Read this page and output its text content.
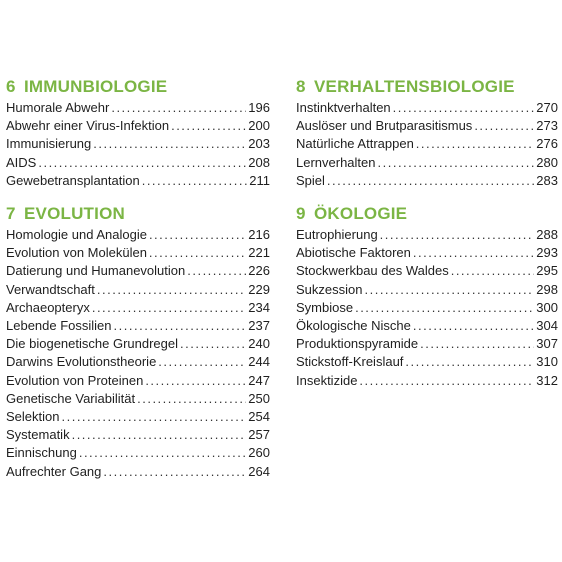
6 IMMUNBIOLOGIE
Humorale Abwehr .....	196
Abwehr einer Virus-Infektion .....	200
Immunisierung .....	203
AIDS .....	208
Gewebetransplantation .....	211
7 EVOLUTION
Homologie und Analogie .....	216
Evolution von Molekülen .....	221
Datierung und Humanevolution .....	226
Verwandtschaft .....	229
Archaeopteryx .....	234
Lebende Fossilien .....	237
Die biogenetische Grundregel .....	240
Darwins Evolutionstheorie .....	244
Evolution von Proteinen .....	247
Genetische Variabilität .....	250
Selektion .....	254
Systematik .....	257
Einnischung .....	260
Aufrechter Gang .....	264
8 VERHALTENSBIOLOGIE
Instinktverhalten .....	270
Auslöser und Brutparasitismus .....	273
Natürliche Attrappen .....	276
Lernverhalten .....	280
Spiel .....	283
9 ÖKOLOGIE
Eutrophierung .....	288
Abiotische Faktoren .....	293
Stockwerkbau des Waldes .....	295
Sukzession .....	298
Symbiose .....	300
Ökologische Nische .....	304
Produktionspyramide .....	307
Stickstoff-Kreislauf .....	310
Insektizide .....	312
